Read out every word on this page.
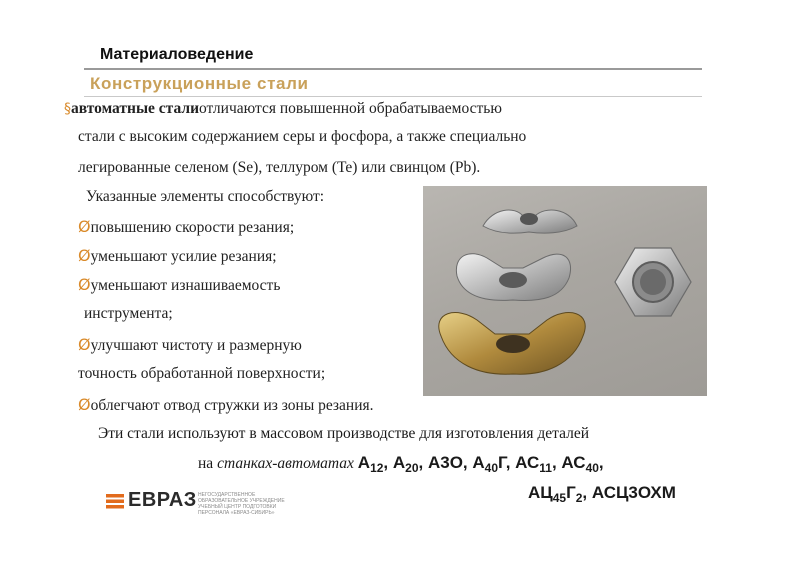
Материаловедение
Конструкционные стали
§автоматные сталиотличаются повышенной обрабатываемостью
стали с высоким содержанием серы и фосфора, а также специально
легированные селеном (Se), теллуром (Te) или свинцом (Pb).
Указанные элементы способствуют:
Øповышению скорости резания;
Øуменьшают усилие резания;
Øуменьшают изнашиваемость
инструмента;
Øулучшают чистоту и размерную
точность обработанной поверхности;
Øоблегчают отвод стружки из зоны резания.
Эти стали используют в массовом производстве для изготовления деталей
на станках-автоматах $А_{12}$, $А_{20}$, А3О, $А_{40}Г$, $АС_{11}$, $АС_{40}$,
$АЦ_{45}Г_2$, АСЦ3ОХМ
ЕВРАЗ НЕГОСУДАРСТВЕННОЕ ОБРАЗОВАТЕЛЬНОЕ УЧРЕЖДЕНИЕ УЧЕБНЫЙ ЦЕНТР ПОДГОТОВКИ ПЕРСОНАЛА «ЕВРАЗ-СИБИРЬ»
